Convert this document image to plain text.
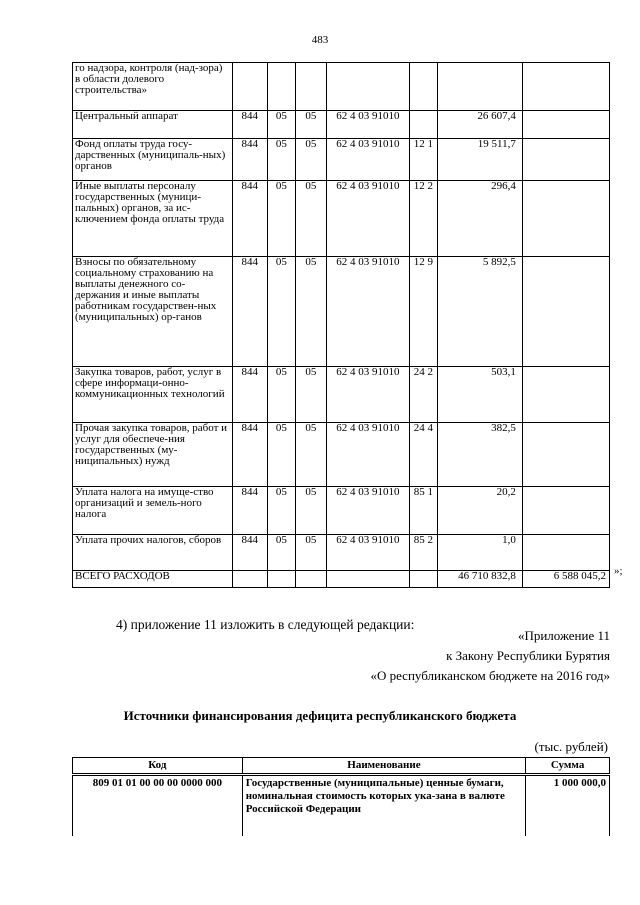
483
го надзора, контроля (над-зора) в области долевого строительства»							
Центральный аппарат	844	05	05	62 4 03 91010		26 607,4	
Фонд оплаты труда госу-дарственных (муниципаль-ных) органов	844	05	05	62 4 03 91010	12 1	19 511,7	
Иные выплаты персоналу государственных (муници-пальных) органов, за ис-ключением фонда оплаты труда	844	05	05	62 4 03 91010	12 2	296,4	
Взносы по обязательному социальному страхованию на выплаты денежного со-держания и иные выплаты работникам государствен-ных (муниципальных) ор-ганов	844	05	05	62 4 03 91010	12 9	5 892,5	
Закупка товаров, работ, услуг в сфере информаци-онно-коммуникационных технологий	844	05	05	62 4 03 91010	24 2	503,1	
Прочая закупка товаров, работ и услуг для обеспече-ния государственных (му-ниципальных) нужд	844	05	05	62 4 03 91010	24 4	382,5	
Уплата налога на имуще-ство организаций и земель-ного налога	844	05	05	62 4 03 91010	85 1	20,2	
Уплата прочих налогов, сборов	844	05	05	62 4 03 91010	85 2	1,0	
ВСЕГО РАСХОДОВ						46 710 832,8	6 588 045,2 »;
4) приложение 11 изложить в следующей редакции:
«Приложение 11
к Закону Республики Бурятия
«О республиканском бюджете на 2016 год»
Источники финансирования дефицита республиканского бюджета
(тыс. рублей)
Код	Наименование	Сумма
809 01 01 00 00 00 0000 000	Государственные (муниципальные) ценные бумаги, номинальная стоимость которых ука-зана в валюте Российской Федерации	1 000 000,0
